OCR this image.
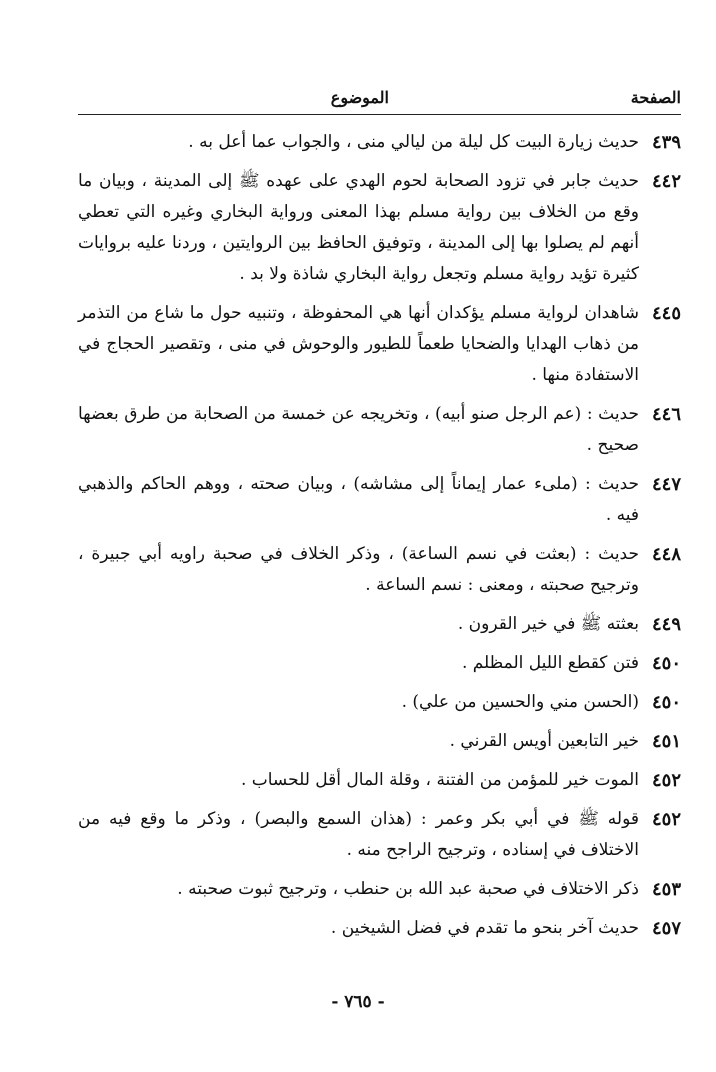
الصفحة
الموضوع
٤٣٩
حديث زيارة البيت كل ليلة من ليالي منى ، والجواب عما أعل به .
٤٤٢
حديث جابر في تزود الصحابة لحوم الهدي على عهده ﷺ إلى المدينة ، وبيان ما وقع من الخلاف بين رواية مسلم بهذا المعنى ورواية البخاري وغيره التي تعطي أنهم لم يصلوا بها إلى المدينة ، وتوفيق الحافظ بين الروايتين ، وردنا عليه بروايات كثيرة تؤيد رواية مسلم وتجعل رواية البخاري شاذة ولا بد .
٤٤٥
شاهدان لرواية مسلم يؤكدان أنها هي المحفوظة ، وتنبيه حول ما شاع من التذمر من ذهاب الهدايا والضحايا طعماً للطيور والوحوش في منى ، وتقصير الحجاج في الاستفادة منها .
٤٤٦
حديث : (عم الرجل صنو أبيه) ، وتخريجه عن خمسة من الصحابة من طرق بعضها صحيح .
٤٤٧
حديث : (ملىء عمار إيماناً إلى مشاشه) ، وبيان صحته ، ووهم الحاكم والذهبي فيه .
٤٤٨
حديث : (بعثت في نسم الساعة) ، وذكر الخلاف في صحبة راويه أبي جبيرة ، وترجيح صحبته ، ومعنى : نسم الساعة .
٤٤٩
بعثته ﷺ في خير القرون .
٤٥٠
فتن كقطع الليل المظلم .
٤٥٠
(الحسن مني والحسين من علي) .
٤٥١
خير التابعين أويس القرني .
٤٥٢
الموت خير للمؤمن من الفتنة ، وقلة المال أقل للحساب .
٤٥٢
قوله ﷺ في أبي بكر وعمر : (هذان السمع والبصر) ، وذكر ما وقع فيه من الاختلاف في إسناده ، وترجيح الراجح منه .
٤٥٣
ذكر الاختلاف في صحبة عبد الله بن حنطب ، وترجيح ثبوت صحبته .
٤٥٧
حديث آخر بنحو ما تقدم في فضل الشيخين .
- ٧٦٥ -
